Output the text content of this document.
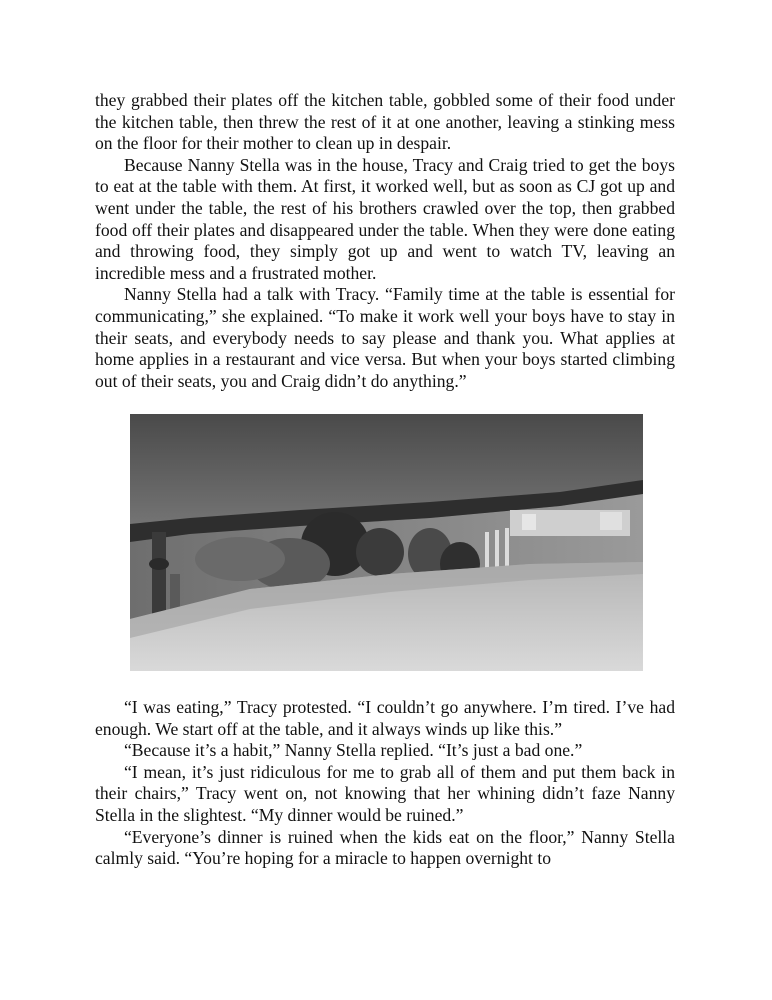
they grabbed their plates off the kitchen table, gobbled some of their food under the kitchen table, then threw the rest of it at one another, leaving a stinking mess on the floor for their mother to clean up in despair.

Because Nanny Stella was in the house, Tracy and Craig tried to get the boys to eat at the table with them. At first, it worked well, but as soon as CJ got up and went under the table, the rest of his brothers crawled over the top, then grabbed food off their plates and disappeared under the table. When they were done eating and throwing food, they simply got up and went to watch TV, leaving an incredible mess and a frustrated mother.

Nanny Stella had a talk with Tracy. “Family time at the table is essential for communicating,” she explained. “To make it work well your boys have to stay in their seats, and everybody needs to say please and thank you. What applies at home applies in a restaurant and vice versa. But when your boys started climbing out of their seats, you and Craig didn’t do anything.”

“I was eating,” Tracy protested. “I couldn’t go anywhere. I’m tired. I’ve had enough. We start off at the table, and it always winds up like this.”

“Because it’s a habit,” Nanny Stella replied. “It’s just a bad one.”

“I mean, it’s just ridiculous for me to grab all of them and put them back in their chairs,” Tracy went on, not knowing that her whining didn’t faze Nanny Stella in the slightest. “My dinner would be ruined.”

“Everyone’s dinner is ruined when the kids eat on the floor,” Nanny Stella calmly said. “You’re hoping for a miracle to happen overnight to
